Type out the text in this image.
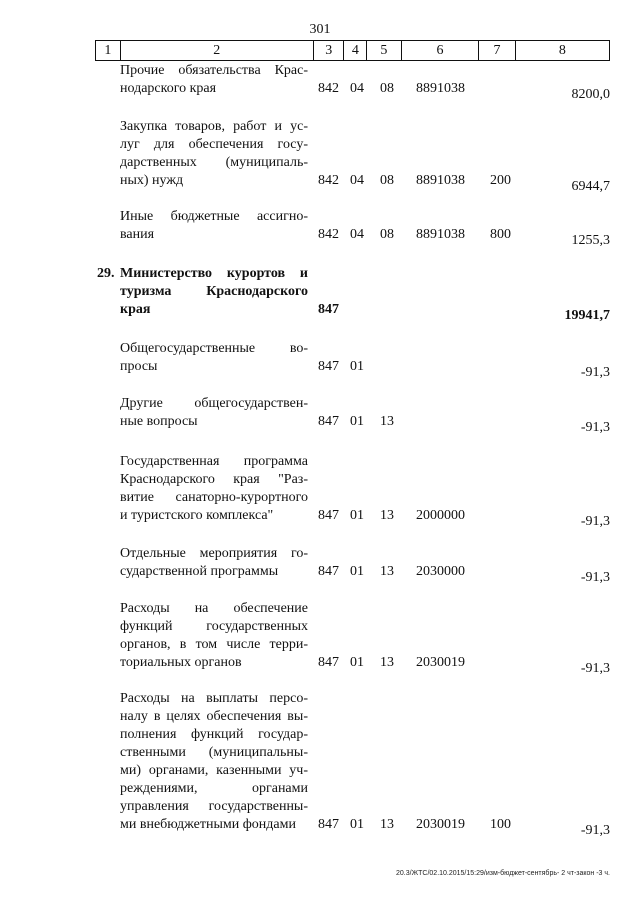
301
1	2	3	4	5	6	7	8
Прочие обязательства Крас-
нодарского края	842 04 08 8891038	8200,0
Закупка товаров, работ и ус-
луг для обеспечения госу-
дарственных (муниципаль-
ных) нужд	842 04 08 8891038 200	6944,7
Иные бюджетные ассигно-
вания	842 04 08 8891038 800	1255,3
29. Министерство курортов и
туризма Краснодарского
края	847	19941,7
Общегосударственные во-
просы	847 01	-91,3
Другие общегосударствен-
ные вопросы	847 01 13	-91,3
Государственная программа
Краснодарского края "Раз-
витие санаторно-курортного
и туристского комплекса"	847 01 13 2000000	-91,3
Отдельные мероприятия го-
сударственной программы	847 01 13 2030000	-91,3
Расходы на обеспечение
функций государственных
органов, в том числе терри-
ториальных органов	847 01 13 2030019	-91,3
Расходы на выплаты персо-
налу в целях обеспечения вы-
полнения функций государ-
ственными (муниципальны-
ми) органами, казенными уч-
реждениями, органами
управления государственны-
ми внебюджетными фондами	847 01 13 2030019 100	-91,3
20.3/ЖТС/02.10.2015/15:29/изм-бюджет-сентябрь- 2 чт-закон -3 ч.
